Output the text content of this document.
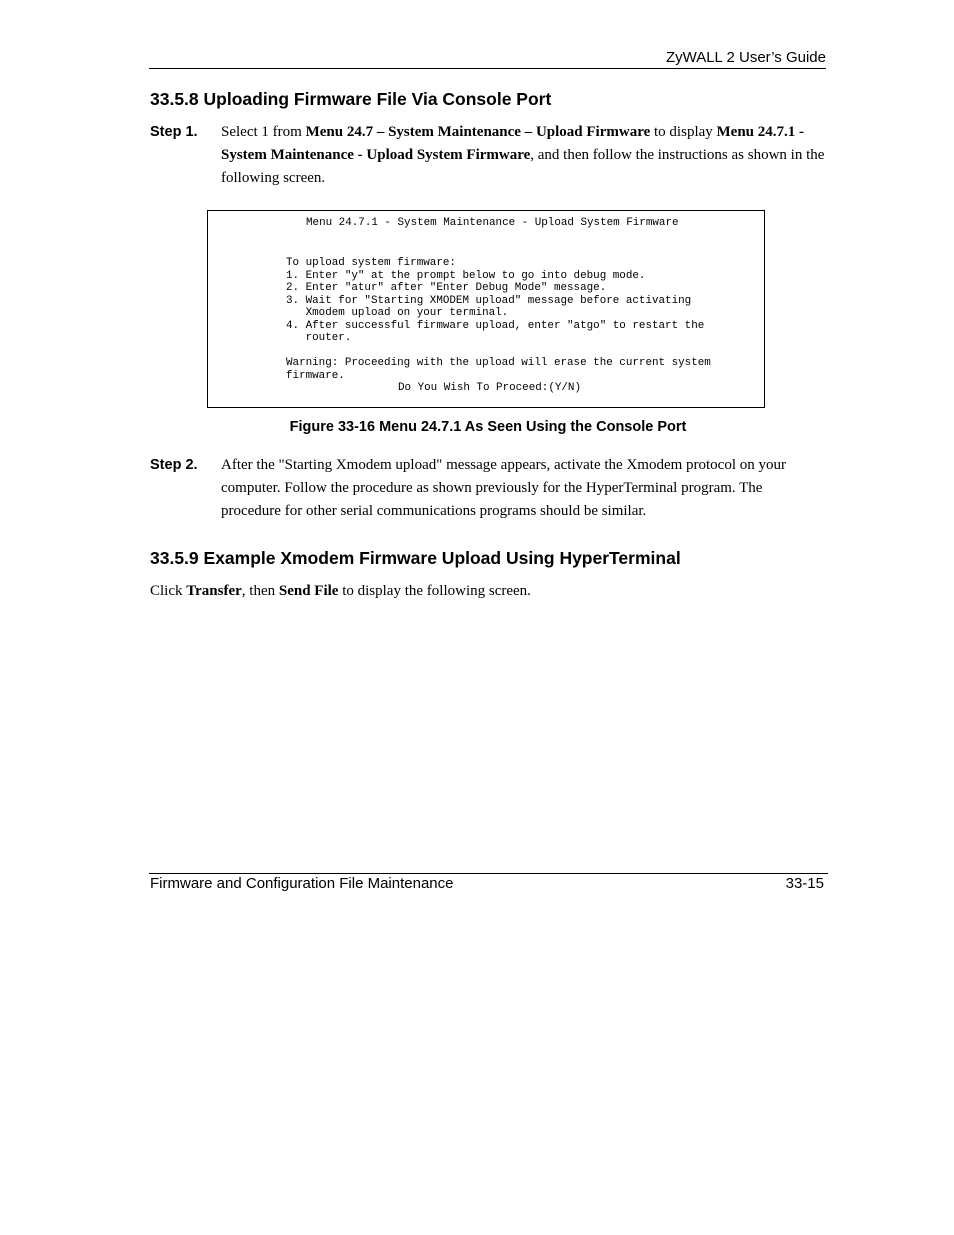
ZyWALL 2 User’s Guide
33.5.8 Uploading Firmware File Via Console Port
Step 1. Select 1 from Menu 24.7 – System Maintenance – Upload Firmware to display Menu 24.7.1 - System Maintenance - Upload System Firmware, and then follow the instructions as shown in the following screen.
Menu 24.7.1 - System Maintenance - Upload System Firmware
To upload system firmware:
1. Enter "y" at the prompt below to go into debug mode.
2. Enter "atur" after "Enter Debug Mode" message.
3. Wait for "Starting XMODEM upload" message before activating
Xmodem upload on your terminal.
4. After successful firmware upload, enter "atgo" to restart the
router.

Warning: Proceeding with the upload will erase the current system
firmware.
Do You Wish To Proceed:(Y/N)
Figure 33-16 Menu 24.7.1 As Seen Using the Console Port
Step 2. After the "Starting Xmodem upload" message appears, activate the Xmodem protocol on your computer. Follow the procedure as shown previously for the HyperTerminal program. The procedure for other serial communications programs should be similar.
33.5.9 Example Xmodem Firmware Upload Using HyperTerminal
Click Transfer, then Send File to display the following screen.
Firmware and Configuration File Maintenance	33-15
